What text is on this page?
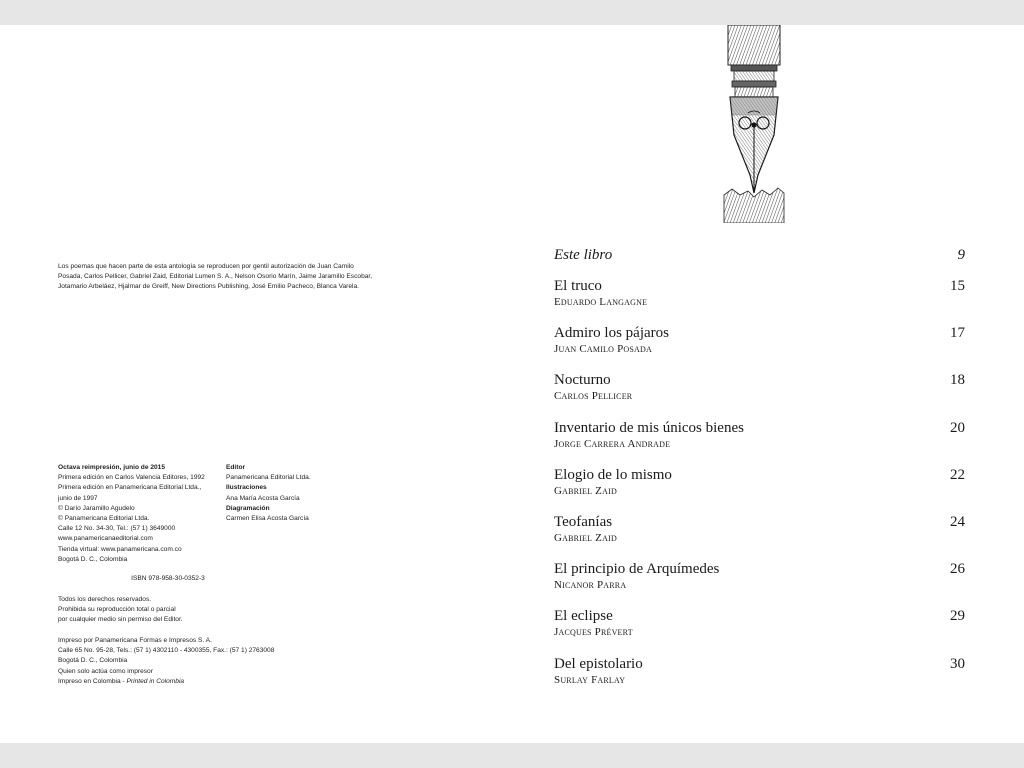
Los poemas que hacen parte de esta antología se reproducen por gentil autorización de Juan Camilo Posada, Carlos Pellicer, Gabriel Zaid, Editorial Lumen S. A., Nelson Osorio Marín, Jaime Jaramillo Escobar, Jotamario Arbeláez, Hjalmar de Greiff, New Directions Publishing, José Emilio Pacheco, Blanca Varela.

Octava reimpresión, junio de 2015

Primera edición en Carlos Valencia Editores, 1992

Primera edición en Panamericana Editorial Ltda.,

junio de 1997

© Darío Jaramillo Agudelo

© Panamericana Editorial Ltda.

Calle 12 No. 34-30, Tel.: (57 1) 3649000

www.panamericanaeditorial.com

Tienda virtual: www.panamericana.com.co

Bogotá D. C., Colombia

Editor

Panamericana Editorial Ltda.

Ilustraciones

Ana María Acosta García

Diagramación

Carmen Elisa Acosta García

ISBN 978-958-30-0352-3

Todos los derechos reservados.

Prohibida su reproducción total o parcial

por cualquier medio sin permiso del Editor.

Impreso por Panamericana Formas e Impresos S. A.

Calle 65 No. 95-28, Tels.: (57 1) 4302110 - 4300355, Fax.: (57 1) 2763008

Bogotá D. C., Colombia

Quien solo actúa como impresor

Impreso en Colombia - Printed in Colombia

Este libro	9
El truco	15
Eduardo Langagne
Admiro los pájaros	17
Juan Camilo Posada
Nocturno	18
Carlos Pellicer
Inventario de mis únicos bienes	20
Jorge Carrera Andrade
Elogio de lo mismo	22
Gabriel Zaid
Teofanías	24
Gabriel Zaid
El principio de Arquímedes	26
Nicanor Parra
El eclipse	29
Jacques Prévert
Del epistolario	30
Surlay Farlay
